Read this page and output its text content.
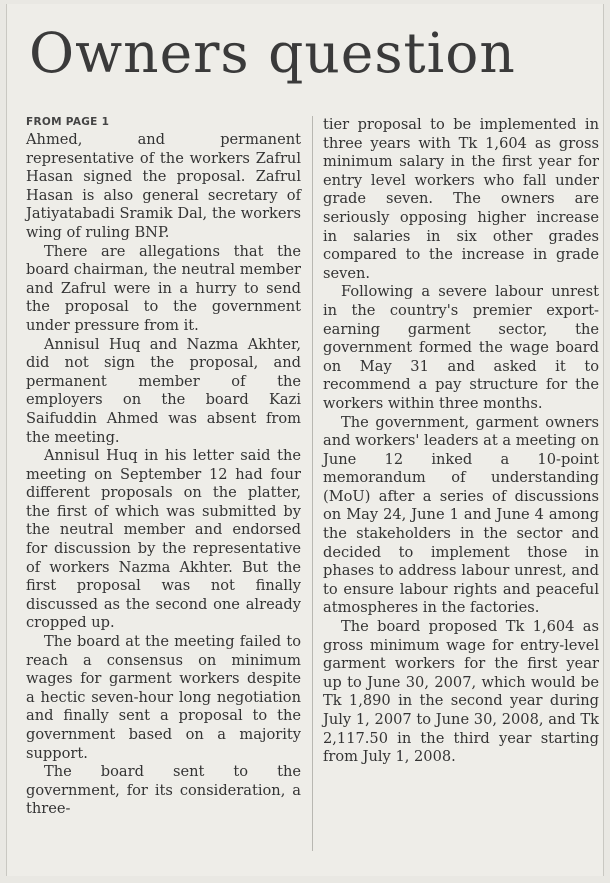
Owners question
FROM PAGE 1

Ahmed, and permanent representative of the workers Zafrul Hasan signed the proposal. Zafrul Hasan is also general secretary of Jatiyatabadi Sramik Dal, the workers wing of ruling BNP.

There are allegations that the board chairman, the neutral member and Zafrul were in a hurry to send the proposal to the government under pressure from it.

Annisul Huq and Nazma Akhter, did not sign the proposal, and permanent member of the employers on the board Kazi Saifuddin Ahmed was absent from the meeting.

Annisul Huq in his letter said the meeting on September 12 had four different proposals on the platter, the first of which was submitted by the neutral member and endorsed for discussion by the representative of workers Nazma Akhter. But the first proposal was not finally discussed as the second one already cropped up.

The board at the meeting failed to reach a consensus on minimum wages for garment workers despite a hectic seven-hour long negotiation and finally sent a proposal to the government based on a majority support.

The board sent to the government, for its consideration, a three-

tier proposal to be implemented in three years with Tk 1,604 as gross minimum salary in the first year for entry level workers who fall under grade seven. The owners are seriously opposing higher increase in salaries in six other grades compared to the increase in grade seven.

Following a severe labour unrest in the country's premier export-earning garment sector, the government formed the wage board on May 31 and asked it to recommend a pay structure for the workers within three months.

The government, garment owners and workers' leaders at a meeting on June 12 inked a 10-point memorandum of understanding (MoU) after a series of discussions on May 24, June 1 and June 4 among the stakeholders in the sector and decided to implement those in phases to address labour unrest, and to ensure labour rights and peaceful atmospheres in the factories.

The board proposed Tk 1,604 as gross minimum wage for entry-level garment workers for the first year up to June 30, 2007, which would be Tk 1,890 in the second year during July 1, 2007 to June 30, 2008, and Tk 2,117.50 in the third year starting from July 1, 2008.
